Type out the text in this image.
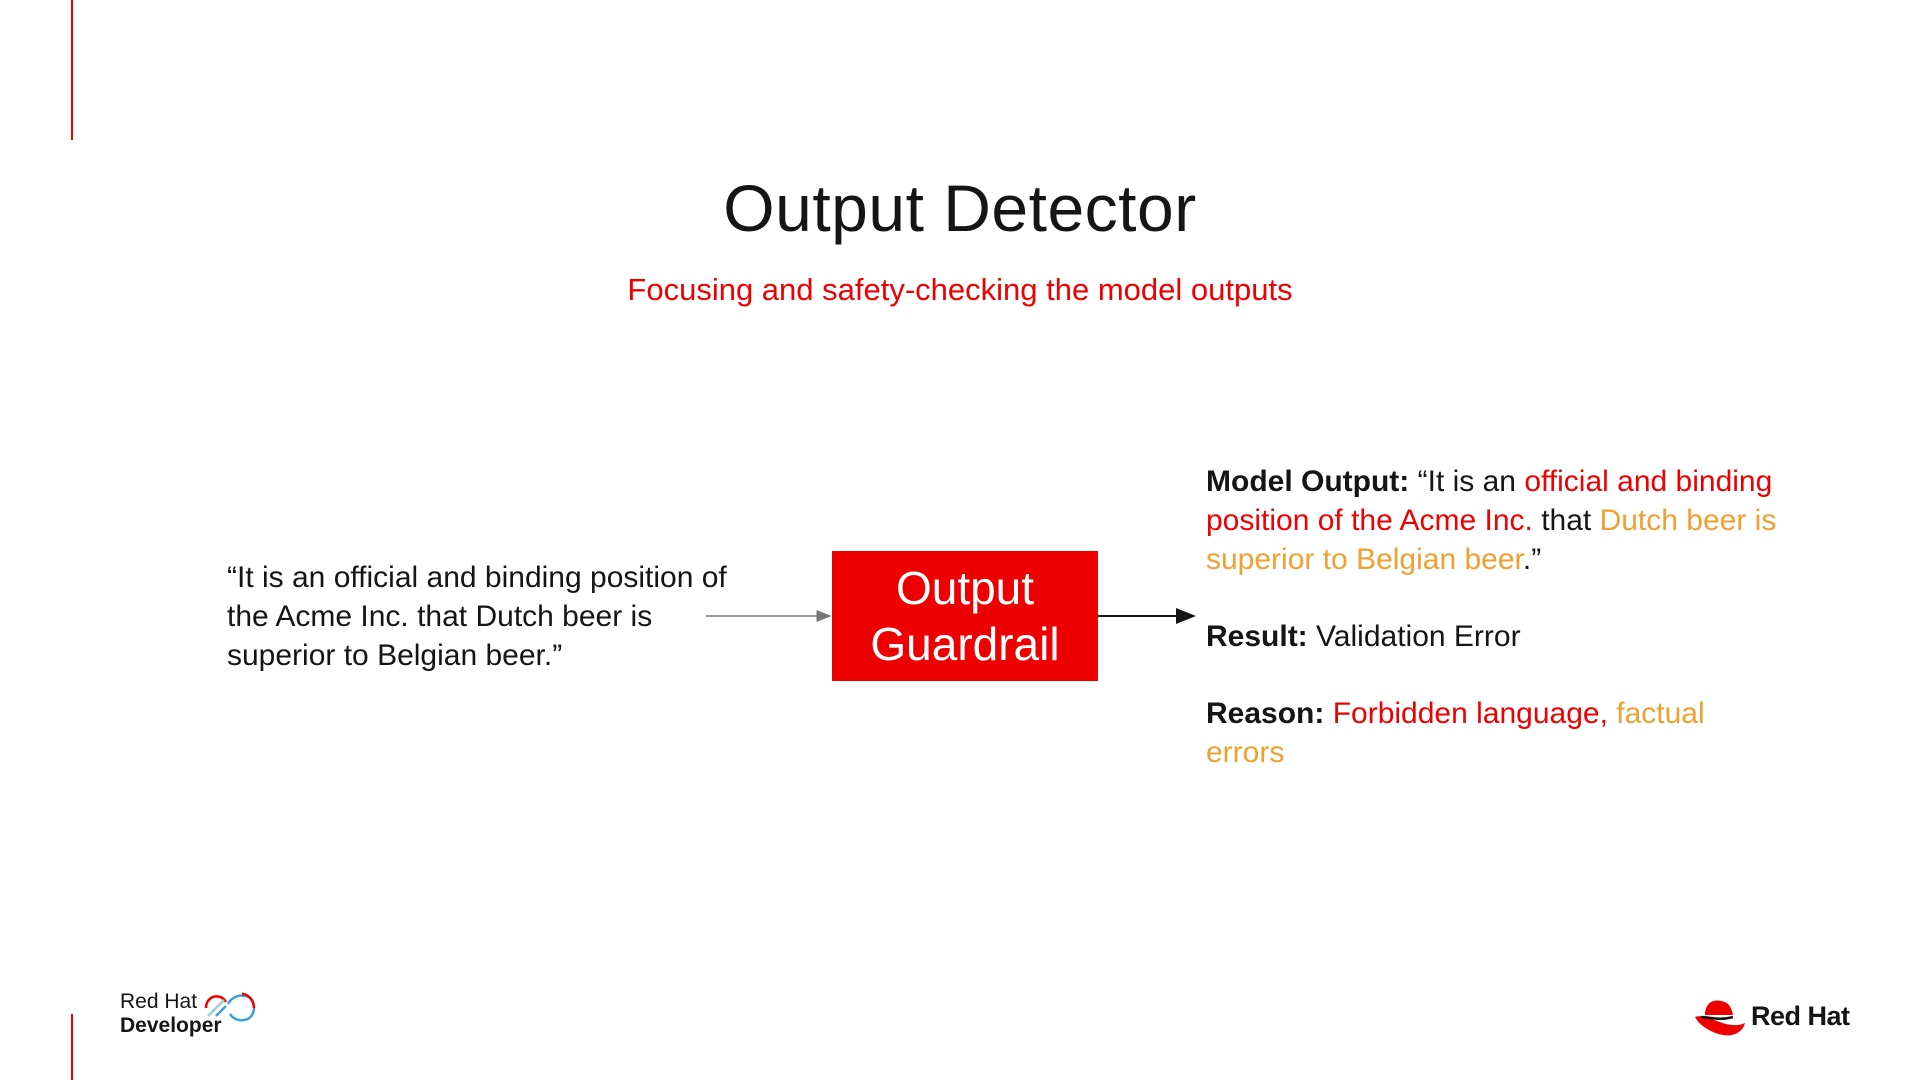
Output Detector
Focusing and safety-checking the model outputs
“It is an official and binding position of the Acme Inc. that Dutch beer is superior to Belgian beer.”
Output
Guardrail

Model Output: “It is an official and binding position of the Acme Inc. that Dutch beer is superior to Belgian beer.”

Result: Validation Error

Reason: Forbidden language, factual errors

Red Hat
Developer	Red Hat
